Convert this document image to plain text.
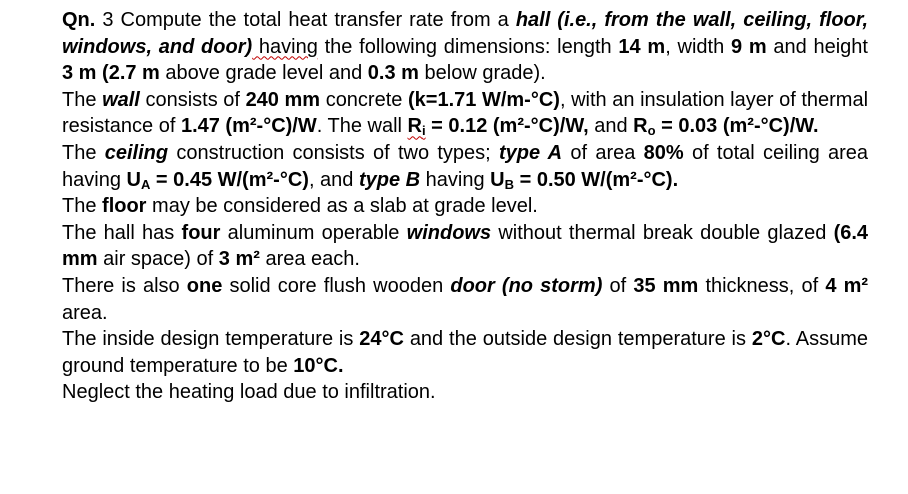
Qn. 3 Compute the total heat transfer rate from a hall (i.e., from the wall, ceiling, floor, windows, and door) having the following dimensions: length 14 m, width 9 m and height 3 m (2.7 m above grade level and 0.3 m below grade).

The wall consists of 240 mm concrete (k=1.71 W/m-°C), with an insulation layer of thermal resistance of 1.47 (m²-°C)/W. The wall $R_i = 0.12$ (m²-°C)/W, and $R_o = 0.03$ (m²-°C)/W.

The ceiling construction consists of two types; type A of area 80% of total ceiling area having $U_A = 0.45$ W/(m²-°C), and type B having $U_B = 0.50$ W/(m²-°C).

The floor may be considered as a slab at grade level.

The hall has four aluminum operable windows without thermal break double glazed (6.4 mm air space) of 3 m² area each.

There is also one solid core flush wooden door (no storm) of 35 mm thickness, of 4 m² area.

The inside design temperature is 24°C and the outside design temperature is 2°C. Assume ground temperature to be 10°C.

Neglect the heating load due to infiltration.
